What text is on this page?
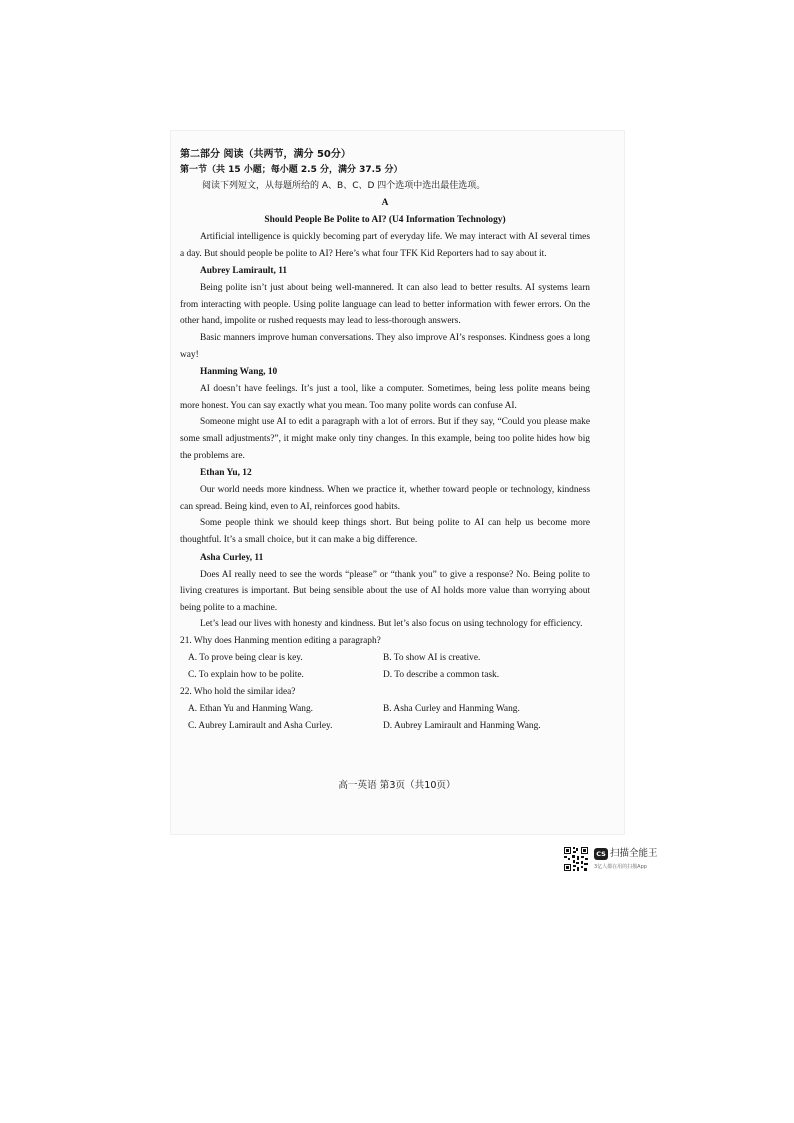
第二部分 阅读（共两节，满分 50分）

第一节（共 15 小题；每小题 2.5 分，满分 37.5 分）

阅读下列短文，从每题所给的 A、B、C、D 四个选项中选出最佳选项。

A

Should People Be Polite to AI? (U4 Information Technology)

Artificial intelligence is quickly becoming part of everyday life. We may interact with AI several times a day. But should people be polite to AI? Here’s what four TFK Kid Reporters had to say about it.

Aubrey Lamirault, 11

Being polite isn’t just about being well-mannered. It can also lead to better results. AI systems learn from interacting with people. Using polite language can lead to better information with fewer errors. On the other hand, impolite or rushed requests may lead to less-thorough answers.

Basic manners improve human conversations. They also improve AI’s responses. Kindness goes a long way!

Hanming Wang, 10

AI doesn’t have feelings. It’s just a tool, like a computer. Sometimes, being less polite means being more honest. You can say exactly what you mean. Too many polite words can confuse AI.

Someone might use AI to edit a paragraph with a lot of errors. But if they say, “Could you please make some small adjustments?”, it might make only tiny changes. In this example, being too polite hides how big the problems are.

Ethan Yu, 12

Our world needs more kindness. When we practice it, whether toward people or technology, kindness can spread. Being kind, even to AI, reinforces good habits.

Some people think we should keep things short. But being polite to AI can help us become more thoughtful. It’s a small choice, but it can make a big difference.

Asha Curley, 11

Does AI really need to see the words “please” or “thank you” to give a response? No. Being polite to living creatures is important. But being sensible about the use of AI holds more value than worrying about being polite to a machine.

Let’s lead our lives with honesty and kindness. But let’s also focus on using technology for efficiency.

21. Why does Hanming mention editing a paragraph?

A. To prove being clear is key.	B. To show AI is creative.
C. To explain how to be polite.	D. To describe a common task.

22. Who hold the similar idea?

A. Ethan Yu and Hanming Wang.	B. Asha Curley and Hanming Wang.
C. Aubrey Lamirault and Asha Curley.	D. Aubrey Lamirault and Hanming Wang.
高一英语 第3页（共10页）
CS 扫描全能王
3亿人都在用的扫描App
